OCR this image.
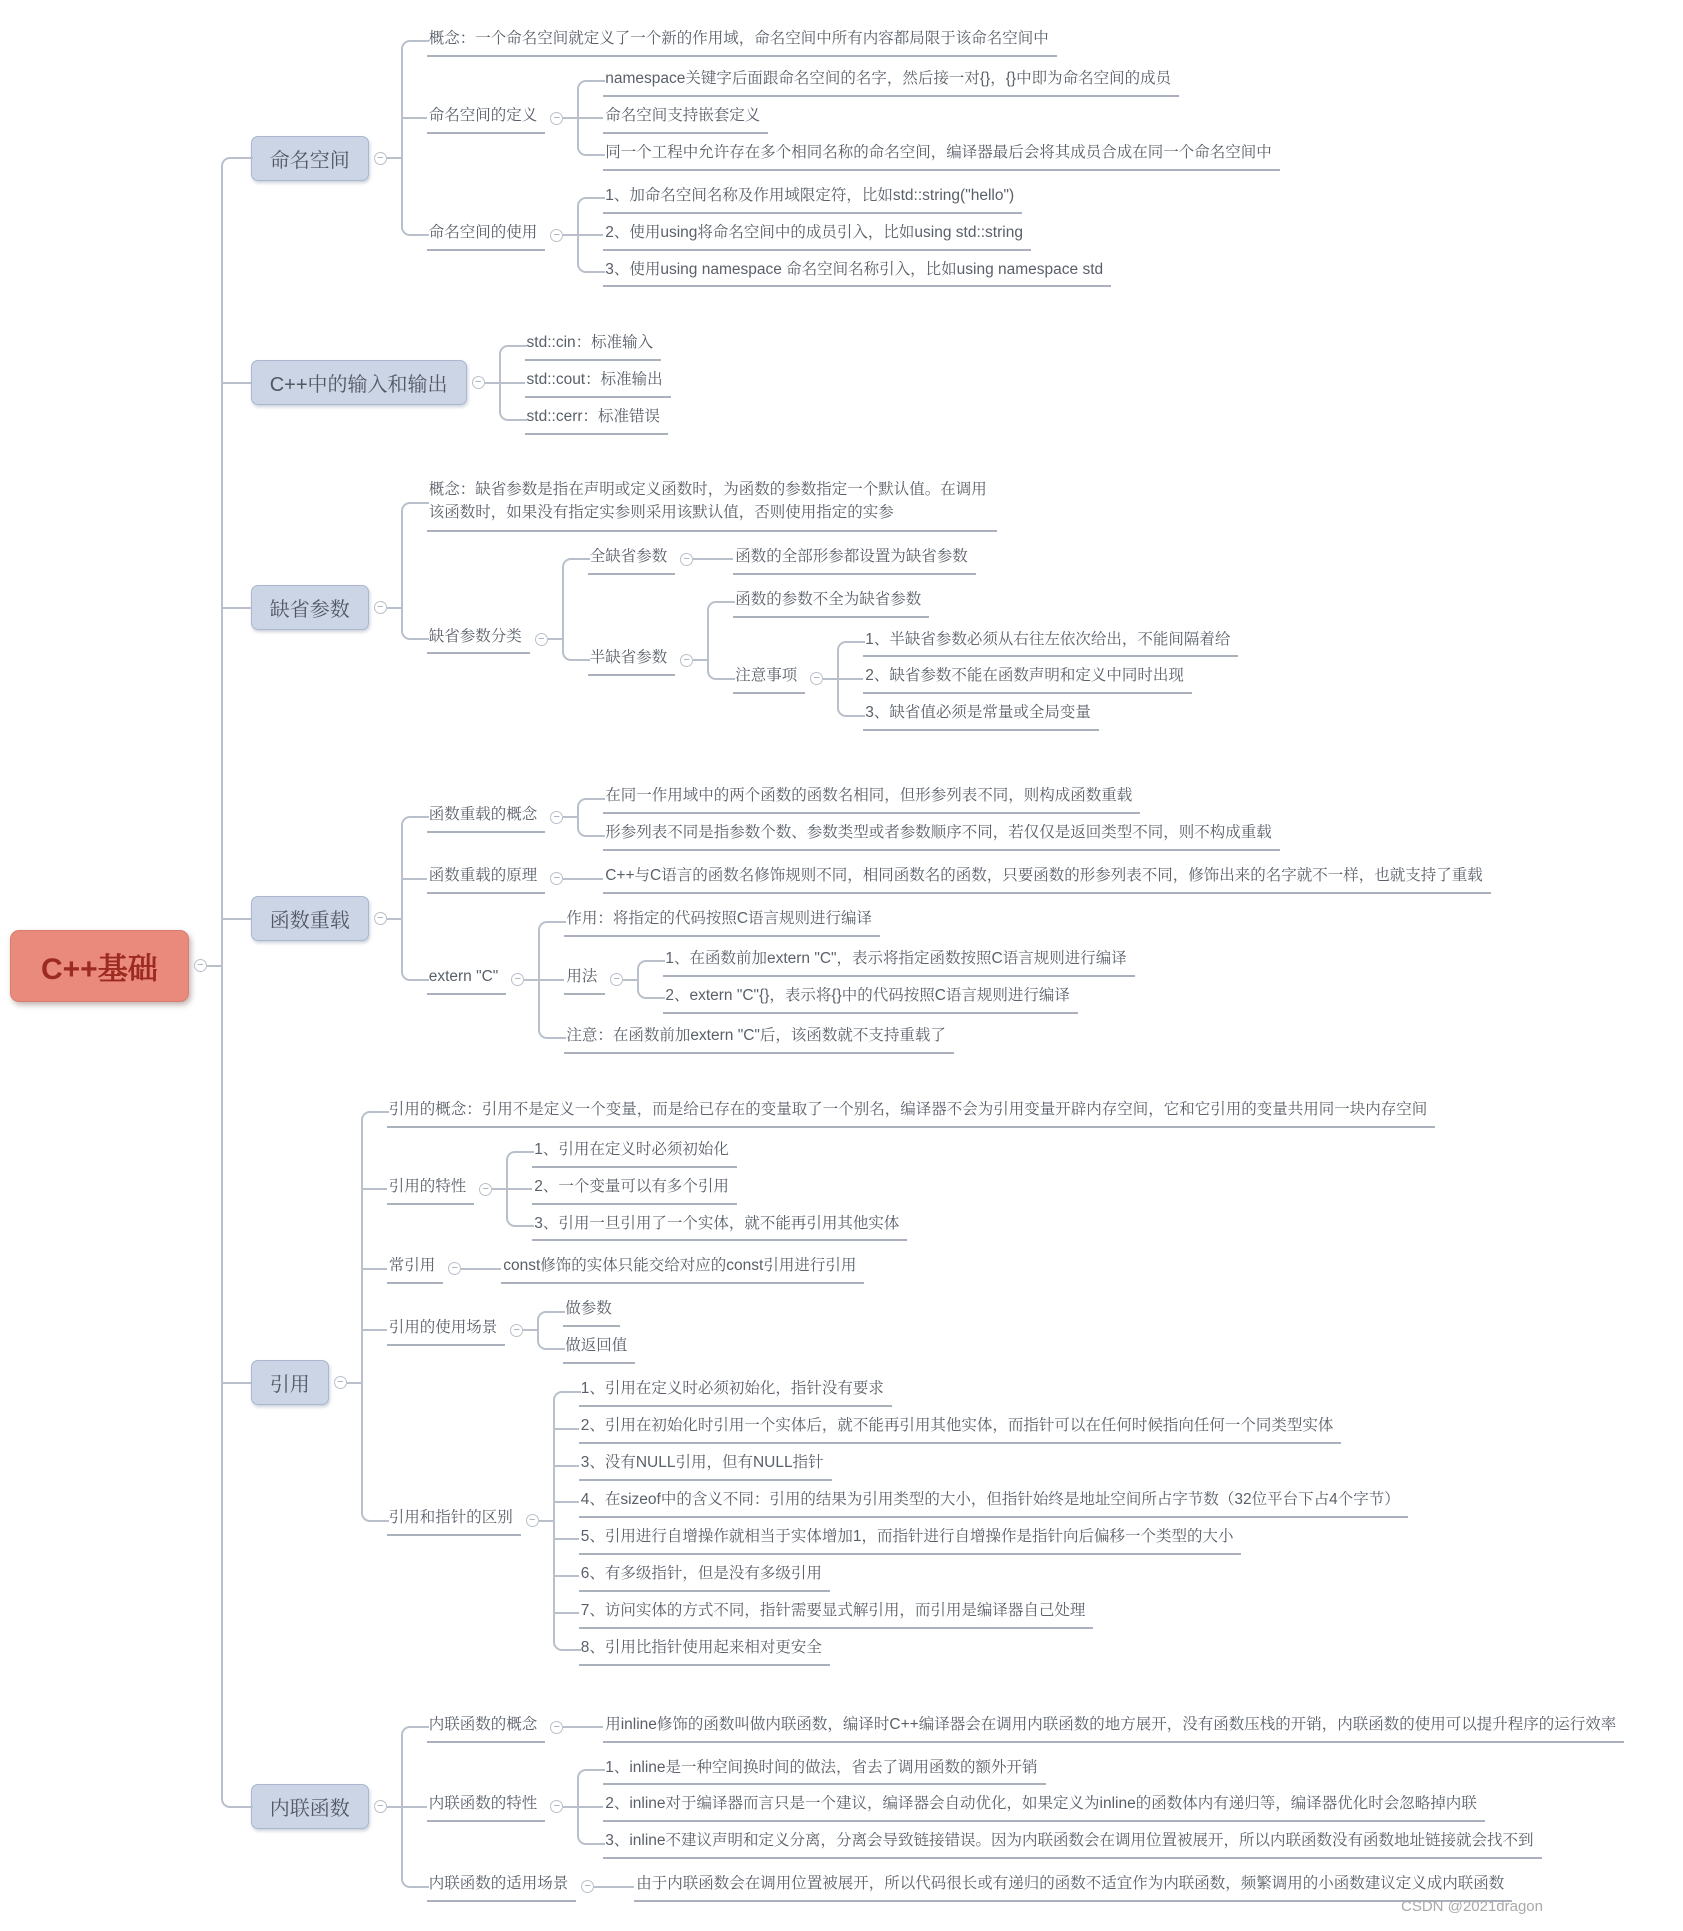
C++基础	−
命名空间	−
概念：一个命名空间就定义了一个新的作用域，命名空间中所有内容都局限于该命名空间中
命名空间的定义	−
namespace关键字后面跟命名空间的名字，然后接一对{}，{}中即为命名空间的成员
命名空间支持嵌套定义
同一个工程中允许存在多个相同名称的命名空间，编译器最后会将其成员合成在同一个命名空间中
命名空间的使用	−
1、加命名空间名称及作用域限定符，比如std::string("hello")
2、使用using将命名空间中的成员引入，比如using std::string
3、使用using namespace 命名空间名称引入，比如using namespace std
C++中的输入和输出	−
std::cin：标准输入
std::cout：标准输出
std::cerr：标准错误
缺省参数	−
概念：缺省参数是指在声明或定义函数时，为函数的参数指定一个默认值。在调用该函数时，如果没有指定实参则采用该默认值，否则使用指定的实参
缺省参数分类	−
全缺省参数	−	函数的全部形参都设置为缺省参数
半缺省参数	−
函数的参数不全为缺省参数
注意事项	−
1、半缺省参数必须从右往左依次给出，不能间隔着给
2、缺省参数不能在函数声明和定义中同时出现
3、缺省值必须是常量或全局变量
函数重载	−
函数重载的概念	−
在同一作用域中的两个函数的函数名相同，但形参列表不同，则构成函数重载
形参列表不同是指参数个数、参数类型或者参数顺序不同，若仅仅是返回类型不同，则不构成重载
函数重载的原理	−	C++与C语言的函数名修饰规则不同，相同函数名的函数，只要函数的形参列表不同，修饰出来的名字就不一样，也就支持了重载
extern "C"	−
作用：将指定的代码按照C语言规则进行编译
用法	−
1、在函数前加extern "C"，表示将指定函数按照C语言规则进行编译
2、extern "C"{}，表示将{}中的代码按照C语言规则进行编译
注意：在函数前加extern "C"后，该函数就不支持重载了
引用	−
引用的概念：引用不是定义一个变量，而是给已存在的变量取了一个别名，编译器不会为引用变量开辟内存空间，它和它引用的变量共用同一块内存空间
引用的特性	−
1、引用在定义时必须初始化
2、一个变量可以有多个引用
3、引用一旦引用了一个实体，就不能再引用其他实体
常引用	−	const修饰的实体只能交给对应的const引用进行引用
引用的使用场景	−
做参数
做返回值
引用和指针的区别	−
1、引用在定义时必须初始化，指针没有要求
2、引用在初始化时引用一个实体后，就不能再引用其他实体，而指针可以在任何时候指向任何一个同类型实体
3、没有NULL引用，但有NULL指针
4、在sizeof中的含义不同：引用的结果为引用类型的大小，但指针始终是地址空间所占字节数（32位平台下占4个字节）
5、引用进行自增操作就相当于实体增加1，而指针进行自增操作是指针向后偏移一个类型的大小
6、有多级指针，但是没有多级引用
7、访问实体的方式不同，指针需要显式解引用，而引用是编译器自己处理
8、引用比指针使用起来相对更安全
内联函数	−
内联函数的概念	−	用inline修饰的函数叫做内联函数，编译时C++编译器会在调用内联函数的地方展开，没有函数压栈的开销，内联函数的使用可以提升程序的运行效率
内联函数的特性	−
1、inline是一种空间换时间的做法，省去了调用函数的额外开销
2、inline对于编译器而言只是一个建议，编译器会自动优化，如果定义为inline的函数体内有递归等，编译器优化时会忽略掉内联
3、inline不建议声明和定义分离，分离会导致链接错误。因为内联函数会在调用位置被展开，所以内联函数没有函数地址链接就会找不到
内联函数的适用场景	−	由于内联函数会在调用位置被展开，所以代码很长或有递归的函数不适宜作为内联函数，频繁调用的小函数建议定义成内联函数
CSDN @2021dragon
